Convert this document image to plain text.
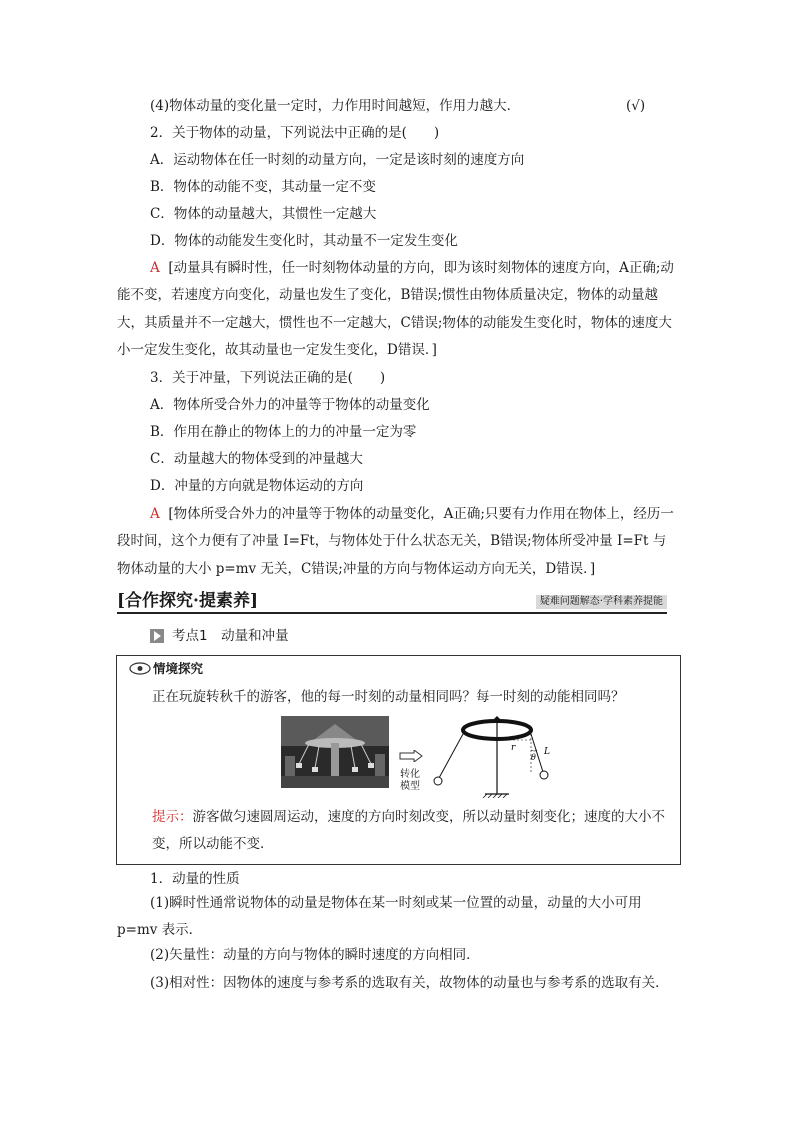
(4)物体动量的变化量一定时，力作用时间越短，作用力越大．	(√)
2．关于物体的动量，下列说法中正确的是(　　)
A．运动物体在任一时刻的动量方向，一定是该时刻的速度方向
B．物体的动能不变，其动量一定不变
C．物体的动量越大，其惯性一定越大
D．物体的动能发生变化时，其动量不一定发生变化
A [动量具有瞬时性，任一时刻物体动量的方向，即为该时刻物体的速度方向，A正确;动能不变，若速度方向变化，动量也发生了变化，B错误;惯性由物体质量决定，物体的动量越大，其质量并不一定越大，惯性也不一定越大，C错误;物体的动能发生变化时，物体的速度大小一定发生变化，故其动量也一定发生变化，D错误．]
3．关于冲量，下列说法正确的是(　　)
A．物体所受合外力的冲量等于物体的动量变化
B．作用在静止的物体上的力的冲量一定为零
C．动量越大的物体受到的冲量越大
D．冲量的方向就是物体运动的方向
A [物体所受合外力的冲量等于物体的动量变化，A正确;只要有力作用在物体上，经历一段时间，这个力便有了冲量 I=Ft，与物体处于什么状态无关，B错误;物体所受冲量 I=Ft 与物体动量的大小 p=mv 无关，C错误;冲量的方向与物体运动方向无关，D错误．]
[合作探究·提素养]	疑难问题解态·学科素养提能
考点1　动量和冲量
情境探究
正在玩旋转秋千的游客，他的每一时刻的动量相同吗？每一时刻的动能相同吗？
转化模型
r
θ
L
提示：游客做匀速圆周运动，速度的方向时刻改变，所以动量时刻变化；速度的大小不变，所以动能不变．
1．动量的性质
(1)瞬时性通常说物体的动量是物体在某一时刻或某一位置的动量，动量的大小可用 p=mv 表示．
(2)矢量性：动量的方向与物体的瞬时速度的方向相同．
(3)相对性：因物体的速度与参考系的选取有关，故物体的动量也与参考系的选取有关．
